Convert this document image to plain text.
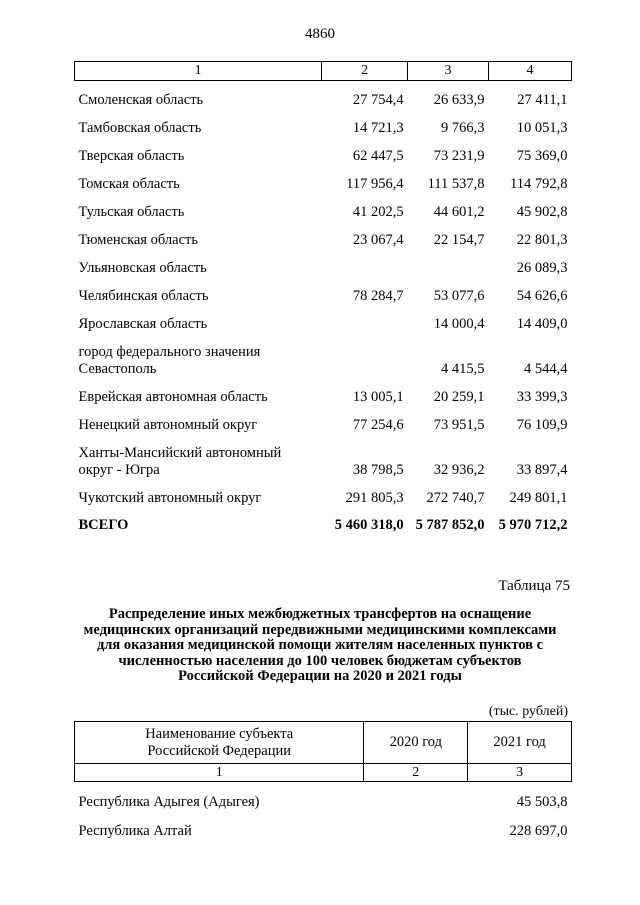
4860
1	2	3	4
Смоленская область	27 754,4	26 633,9	27 411,1
Тамбовская область	14 721,3	9 766,3	10 051,3
Тверская область	62 447,5	73 231,9	75 369,0
Томская область	117 956,4	111 537,8	114 792,8
Тульская область	41 202,5	44 601,2	45 902,8
Тюменская область	23 067,4	22 154,7	22 801,3
Ульяновская область			26 089,3
Челябинская область	78 284,7	53 077,6	54 626,6
Ярославская область		14 000,4	14 409,0
город федерального значения
Севастополь		4 415,5	4 544,4
Еврейская автономная область	13 005,1	20 259,1	33 399,3
Ненецкий автономный округ	77 254,6	73 951,5	76 109,9
Ханты-Мансийский автономный
округ - Югра	38 798,5	32 936,2	33 897,4
Чукотский автономный округ	291 805,3	272 740,7	249 801,1
ВСЕГО	5 460 318,0	5 787 852,0	5 970 712,2
Таблица 75
Распределение иных межбюджетных трансфертов на оснащение
медицинских организаций передвижными медицинскими комплексами
для оказания медицинской помощи жителям населенных пунктов с
численностью населения до 100 человек бюджетам субъектов
Российской Федерации на 2020 и 2021 годы
(тыс. рублей)
Наименование субъекта
Российской Федерации	2020 год	2021 год
1	2	3
Республика Адыгея (Адыгея)		45 503,8
Республика Алтай		228 697,0
